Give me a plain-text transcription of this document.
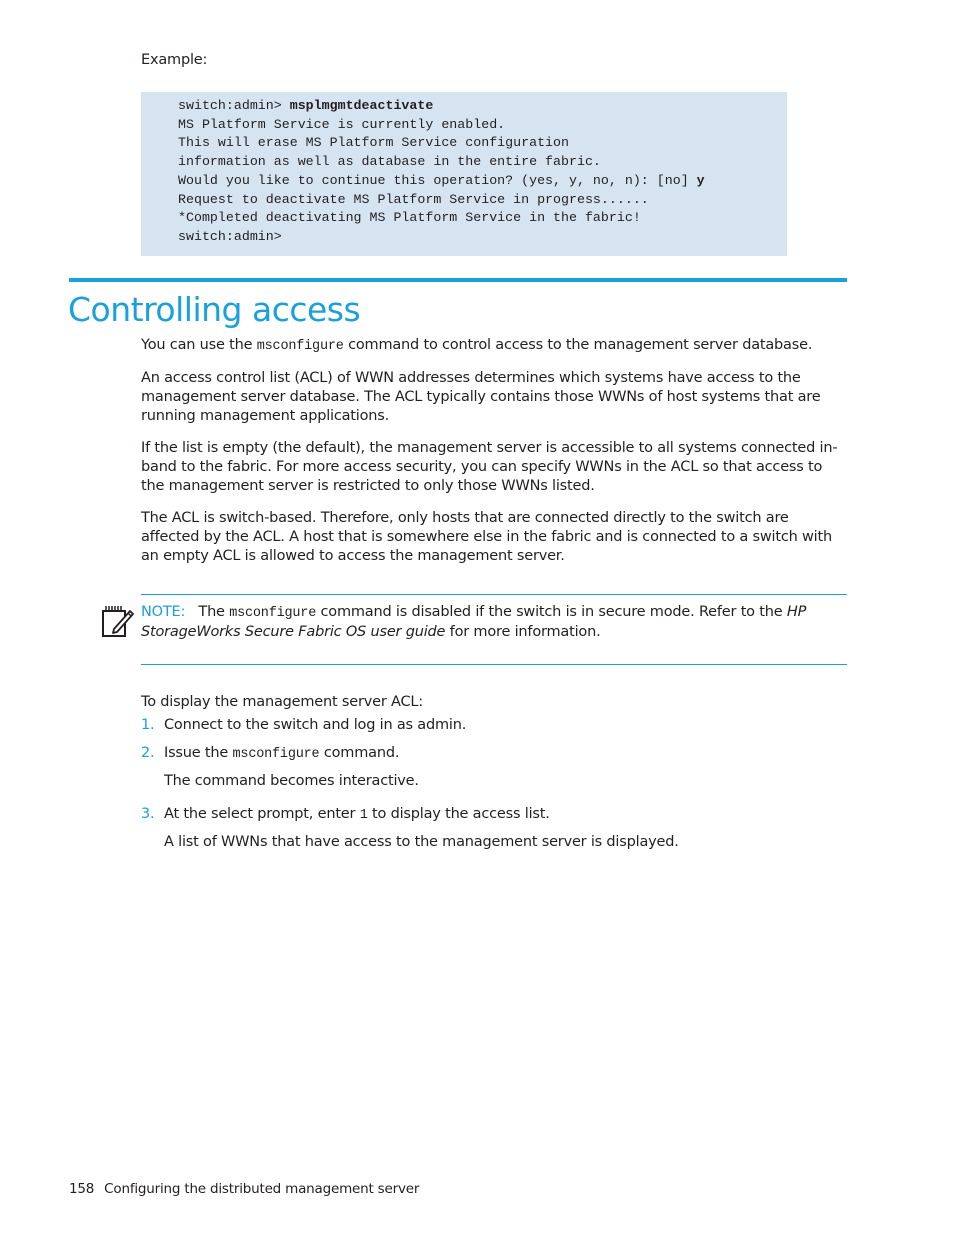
Example:
switch:admin> msplmgmtdeactivate
MS Platform Service is currently enabled.
This will erase MS Platform Service configuration
information as well as database in the entire fabric.
Would you like to continue this operation? (yes, y, no, n): [no] y
Request to deactivate MS Platform Service in progress......
*Completed deactivating MS Platform Service in the fabric!
switch:admin>
Controlling access
You can use the msconfigure command to control access to the management server database.
An access control list (ACL) of WWN addresses determines which systems have access to the management server database. The ACL typically contains those WWNs of host systems that are running management applications.
If the list is empty (the default), the management server is accessible to all systems connected in-band to the fabric. For more access security, you can specify WWNs in the ACL so that access to the management server is restricted to only those WWNs listed.
The ACL is switch-based. Therefore, only hosts that are connected directly to the switch are affected by the ACL. A host that is somewhere else in the fabric and is connected to a switch with an empty ACL is allowed to access the management server.
NOTE: The msconfigure command is disabled if the switch is in secure mode. Refer to the HP StorageWorks Secure Fabric OS user guide for more information.
To display the management server ACL:
1. Connect to the switch and log in as admin.
2. Issue the msconfigure command.
The command becomes interactive.
3. At the select prompt, enter 1 to display the access list.
A list of WWNs that have access to the management server is displayed.
158 Configuring the distributed management server
